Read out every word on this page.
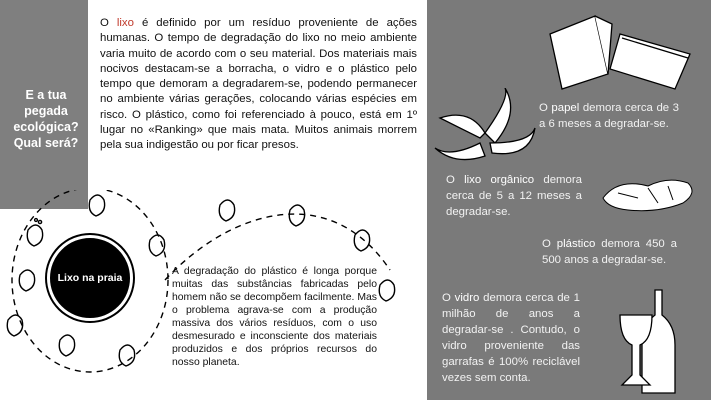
E a tua pegada ecológica? Qual será?
O lixo é definido por um resíduo proveniente de ações humanas. O tempo de degradação do lixo no meio ambiente varia muito de acordo com o seu material. Dos materiais mais nocivos destacam-se a borracha, o vidro e o plástico pelo tempo que demoram a degradarem-se, podendo permanecer no ambiente várias gerações, colocando várias espécies em risco. O plástico, como foi referenciado à pouco, está em 1º lugar no «Ranking» que mais mata. Muitos animais morrem pela sua indigestão ou por ficar presos.
Lixo na praia
A degradação do plástico é longa porque muitas das substâncias fabricadas pelo homem não se decompõem facilmente. Mas o problema agrava-se com a produção massiva dos vários resíduos, com o uso desmesurado e inconsciente dos materiais produzidos e dos próprios recursos do nosso planeta.
O papel demora cerca de 3 a 6 meses a degradar-se.
O lixo orgânico demora cerca de 5 a 12 meses a degradar-se.
O plástico demora 450 a 500 anos a degradar-se.
O vidro demora cerca de 1 milhão de anos a degradar-se . Contudo, o vidro proveniente das garrafas é 100% reciclável vezes sem conta.
